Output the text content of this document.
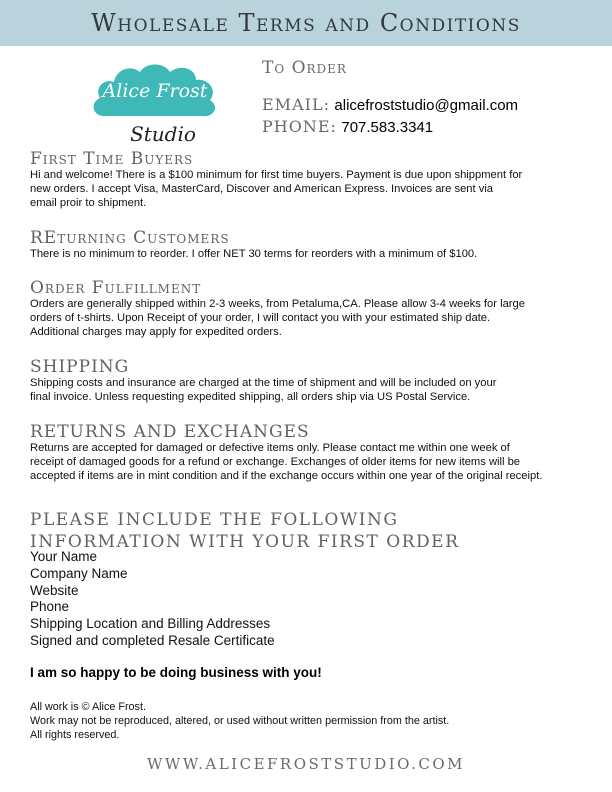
Wholesale Terms and Conditions
Alice Frost
Studio
To Order
EMAIL: alicefroststudio@gmail.com
PHONE: 707.583.3341
First Time Buyers

Hi and welcome! There is a $100 minimum for first time buyers. Payment is due upon shippment for

new orders. I accept Visa, MasterCard, Discover and American Express. Invoices are sent via

email proir to shipment.

REturning Customers

There is no minimum to reorder. I offer NET 30 terms for reorders with a minimum of $100.

Order Fulfillment

Orders are generally shipped within 2-3 weeks, from Petaluma,CA. Please allow 3-4 weeks for large

orders of t-shirts. Upon Receipt of your order, I will contact you with your estimated ship date.

Additional charges may apply for expedited orders.

SHIPPING

Shipping costs and insurance are charged at the time of shipment and will be included on your

final invoice. Unless requesting expedited shipping, all orders ship via US Postal Service.

RETURNS AND EXCHANGES

Returns are accepted for damaged or defective items only. Please contact me within one week of

receipt of damaged goods for a refund or exchange. Exchanges of older items for new items will be

accepted if items are in mint condition and if the exchange occurs within one year of the original receipt.

PLEASE INCLUDE THE FOLLOWING
INFORMATION WITH YOUR FIRST ORDER
Your Name
Company Name
Website
Phone
Shipping Location and Billing Addresses
Signed and completed Resale Certificate
I am so happy to be doing business with you!

All work is © Alice Frost.

Work may not be reproduced, altered, or used without written permission from the artist.

All rights reserved.

WWW.ALICEFROSTSTUDIO.COM
